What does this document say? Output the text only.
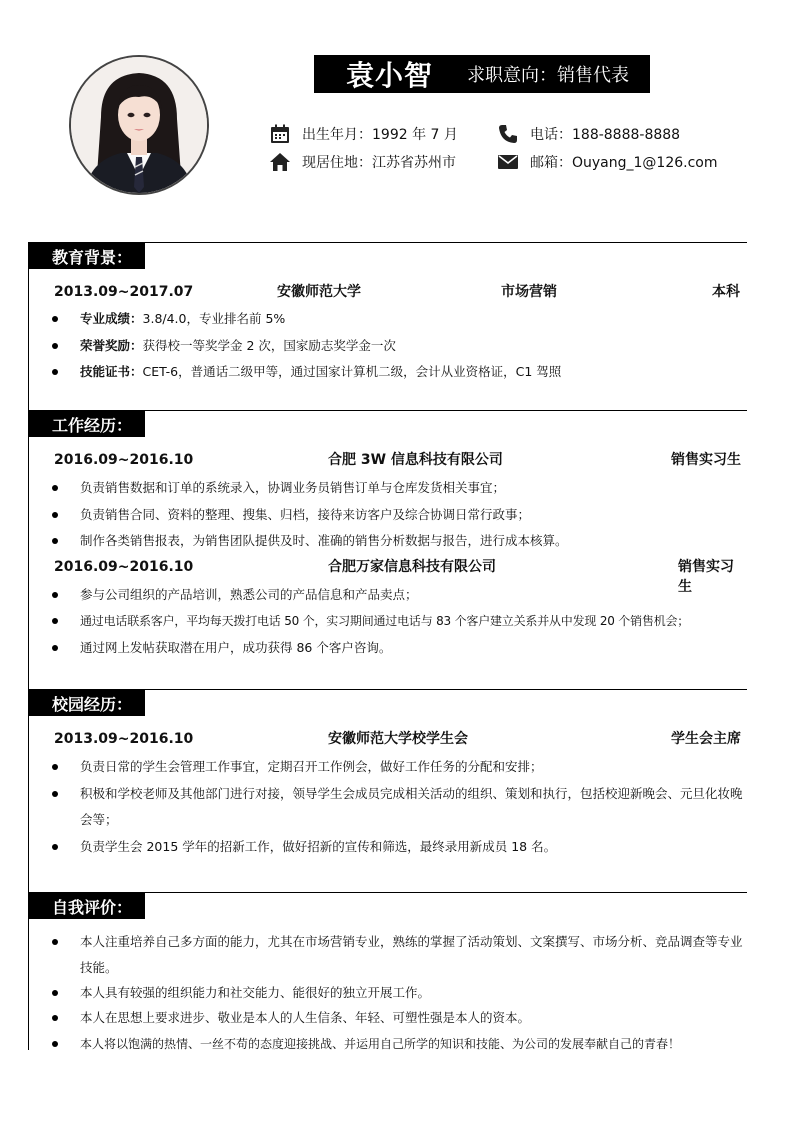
袁小智 求职意向：销售代表
出生年月：1992 年 7 月	电话：188-8888-8888
现居住地：江苏省苏州市	邮箱：Ouyang_1@126.com
教育背景：
2013.09~2017.07	安徽师范大学	市场营销	本科
专业成绩：3.8/4.0，专业排名前 5%
荣誉奖励：获得校一等奖学金 2 次，国家励志奖学金一次
技能证书：CET-6，普通话二级甲等，通过国家计算机二级，会计从业资格证，C1 驾照
工作经历：
2016.09~2016.10	合肥 3W 信息科技有限公司	销售实习生
负责销售数据和订单的系统录入，协调业务员销售订单与仓库发货相关事宜；
负责销售合同、资料的整理、搜集、归档，接待来访客户及综合协调日常行政事；
制作各类销售报表，为销售团队提供及时、准确的销售分析数据与报告，进行成本核算。
2016.09~2016.10	合肥万家信息科技有限公司	销售实习生
参与公司组织的产品培训，熟悉公司的产品信息和产品卖点；
通过电话联系客户，平均每天拨打电话 50 个，实习期间通过电话与 83 个客户建立关系并从中发现 20 个销售机会；
通过网上发帖获取潜在用户，成功获得 86 个客户咨询。
校园经历：
2013.09~2016.10	安徽师范大学校学生会	学生会主席
负责日常的学生会管理工作事宜，定期召开工作例会，做好工作任务的分配和安排；
积极和学校老师及其他部门进行对接，领导学生会成员完成相关活动的组织、策划和执行，包括校迎新晚会、元旦化妆晚会等；
负责学生会 2015 学年的招新工作，做好招新的宣传和筛选，最终录用新成员 18 名。
自我评价：
本人注重培养自己多方面的能力，尤其在市场营销专业，熟练的掌握了活动策划、文案撰写、市场分析、竞品调查等专业技能。
本人具有较强的组织能力和社交能力、能很好的独立开展工作。
本人在思想上要求进步、敬业是本人的人生信条、年轻、可塑性强是本人的资本。
本人将以饱满的热情、一丝不苟的态度迎接挑战、并运用自己所学的知识和技能、为公司的发展奉献自己的青春！
